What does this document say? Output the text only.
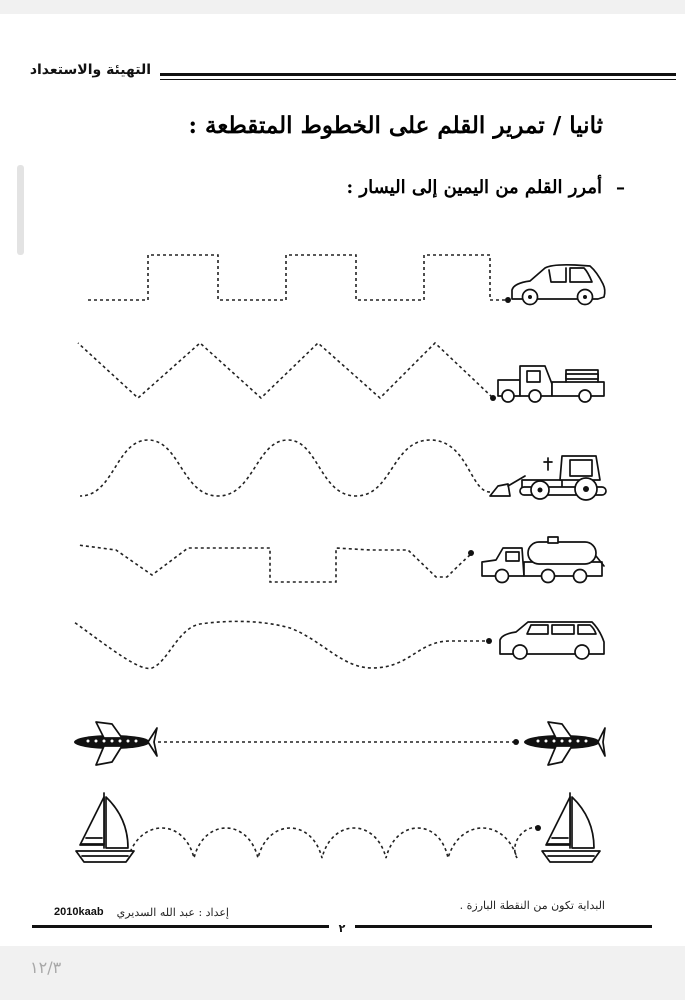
التهيئة والاستعداد
ثانيا / تمرير القلم على الخطوط المتقطعة :
–أمرر القلم من اليمين إلى اليسار :
البداية تكون من النقطة البارزة .
إعداد : عبد الله السديري
2010kaab
٢
١٢/٣
